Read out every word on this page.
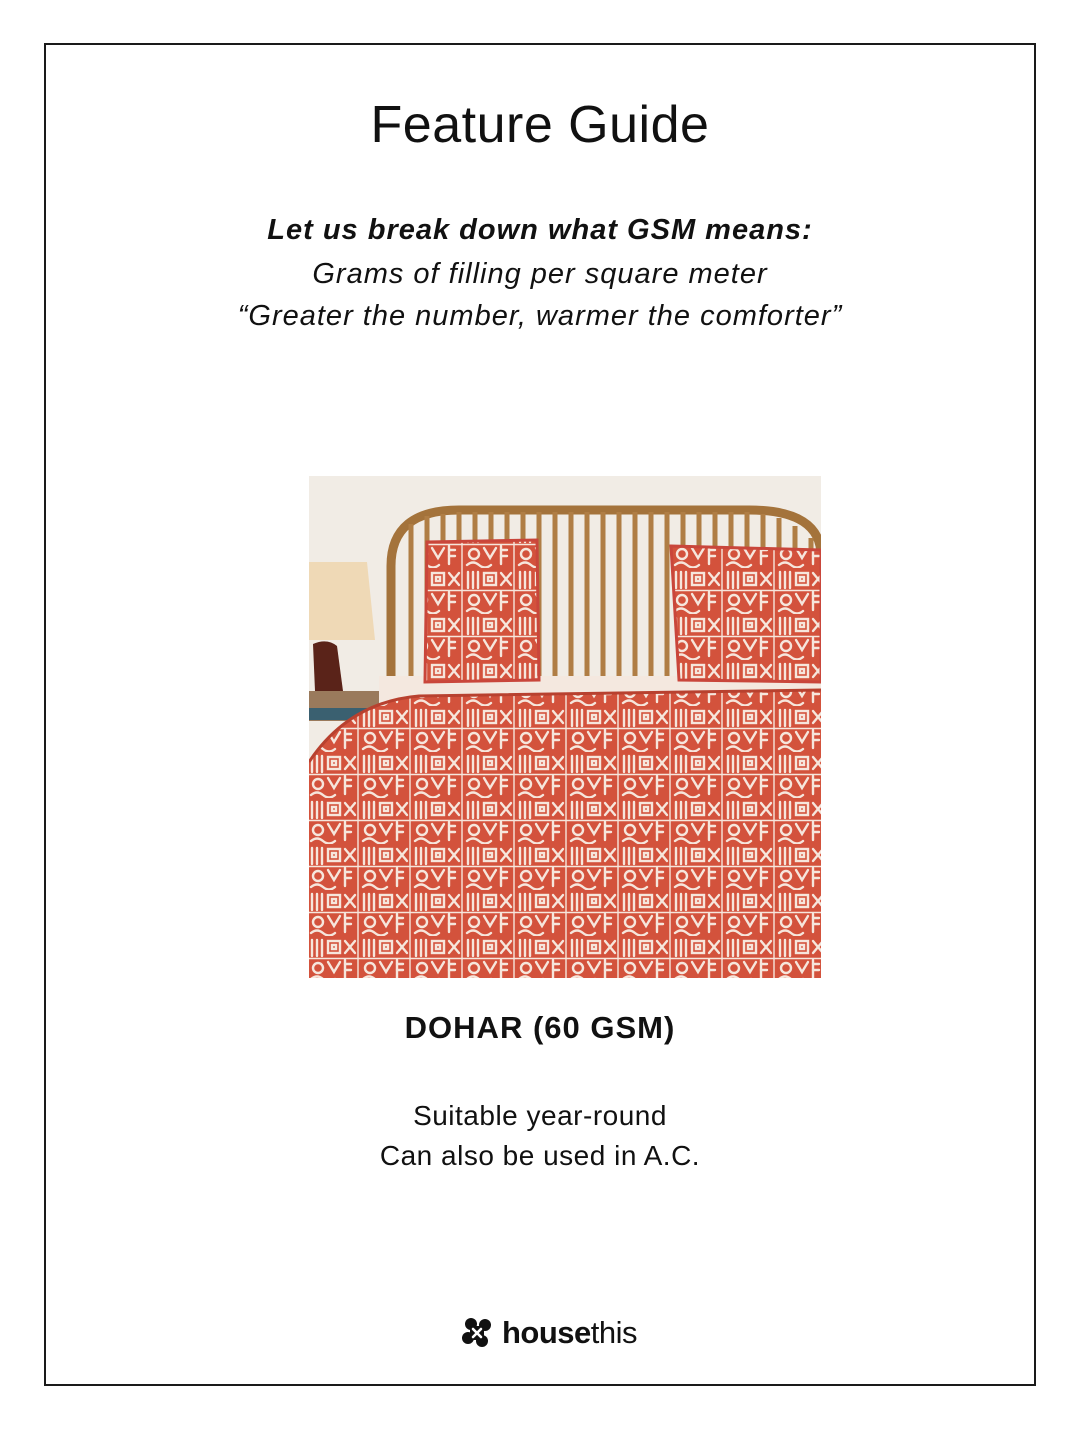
Feature Guide
Let us break down what GSM means:
Grams of filling per square meter
“Greater the number, warmer the comforter”
DOHAR (60 GSM)
Suitable year-round
Can also be used in A.C.
house this
